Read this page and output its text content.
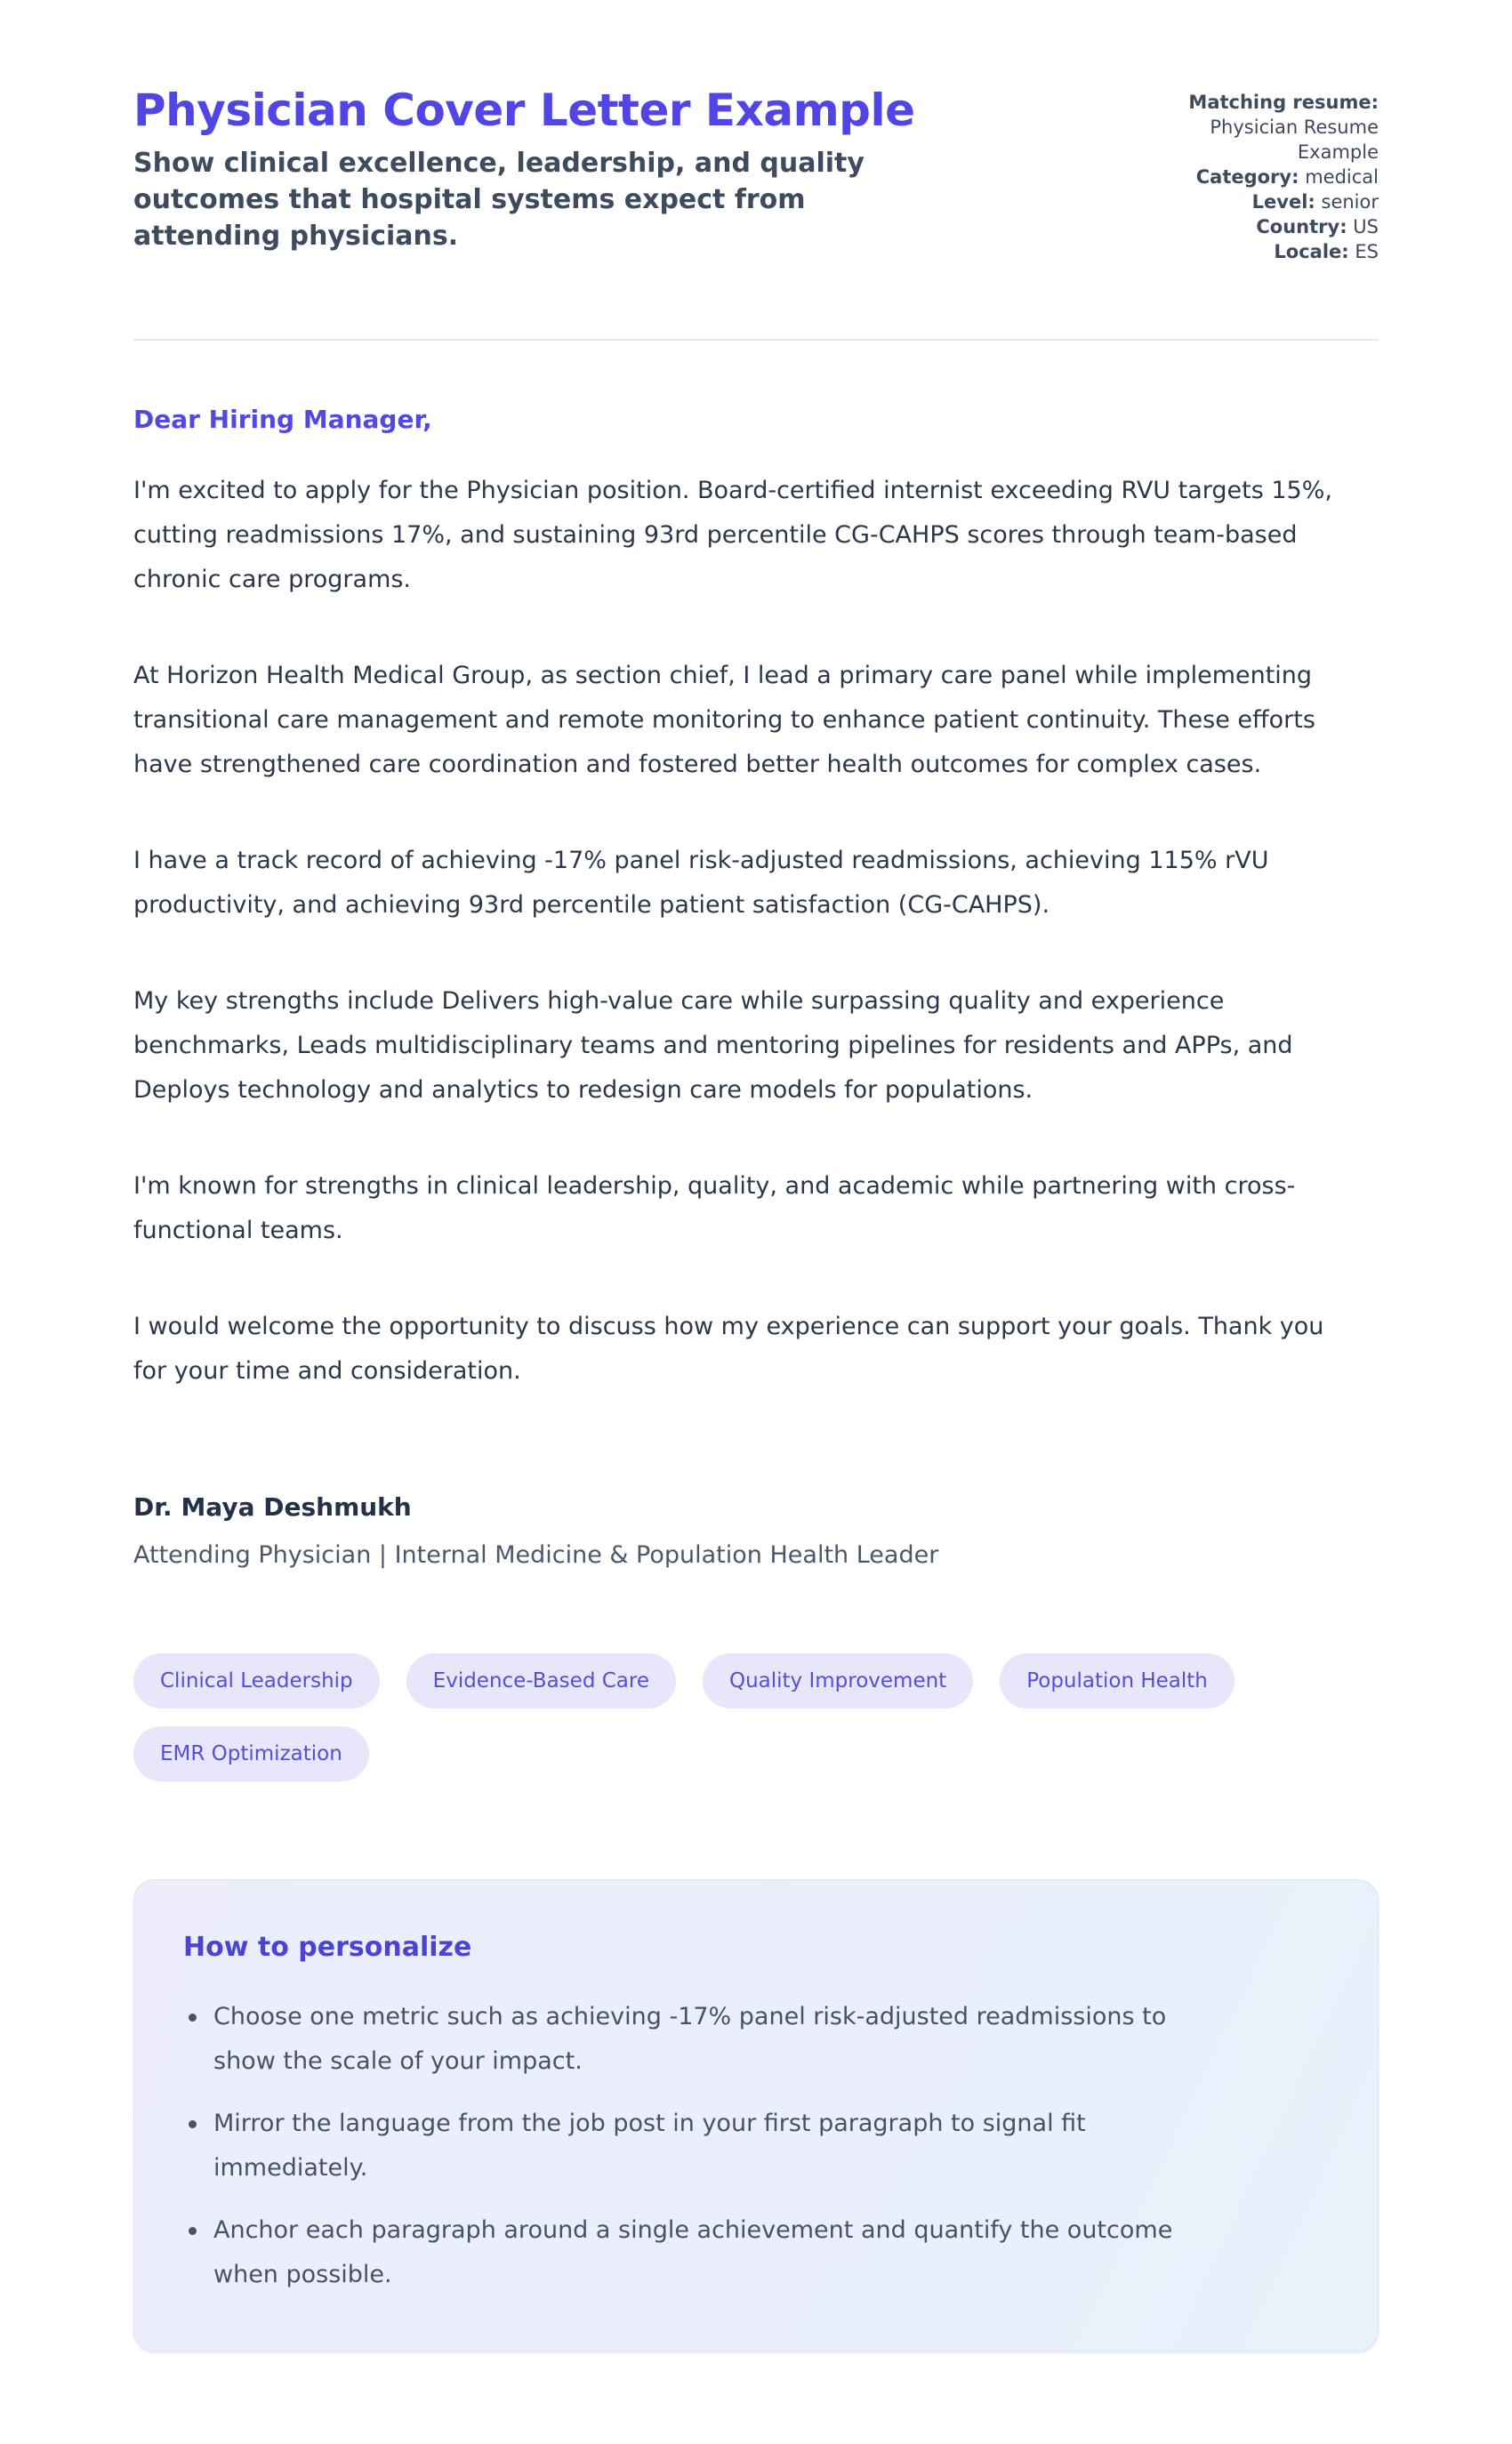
Physician Cover Letter Example

Show clinical excellence, leadership, and quality outcomes that hospital systems expect from attending physicians.

Matching resume: Physician Resume Example
Category: medical
Level: senior
Country: US
Locale: ES

Dear Hiring Manager,

I'm excited to apply for the Physician position. Board-certified internist exceeding RVU targets 15%, cutting readmissions 17%, and sustaining 93rd percentile CG-CAHPS scores through team-based chronic care programs.

At Horizon Health Medical Group, as section chief, I lead a primary care panel while implementing transitional care management and remote monitoring to enhance patient continuity. These efforts have strengthened care coordination and fostered better health outcomes for complex cases.

I have a track record of achieving -17% panel risk-adjusted readmissions, achieving 115% rVU productivity, and achieving 93rd percentile patient satisfaction (CG-CAHPS).

My key strengths include Delivers high-value care while surpassing quality and experience benchmarks, Leads multidisciplinary teams and mentoring pipelines for residents and APPs, and Deploys technology and analytics to redesign care models for populations.

I'm known for strengths in clinical leadership, quality, and academic while partnering with cross-functional teams.

I would welcome the opportunity to discuss how my experience can support your goals. Thank you for your time and consideration.

Dr. Maya Deshmukh

Attending Physician | Internal Medicine & Population Health Leader

Clinical Leadership	Evidence-Based Care	Quality Improvement	Population Health
EMR Optimization
How to personalize
Choose one metric such as achieving -17% panel risk-adjusted readmissions to show the scale of your impact.
Mirror the language from the job post in your first paragraph to signal fit immediately.
Anchor each paragraph around a single achievement and quantify the outcome when possible.
